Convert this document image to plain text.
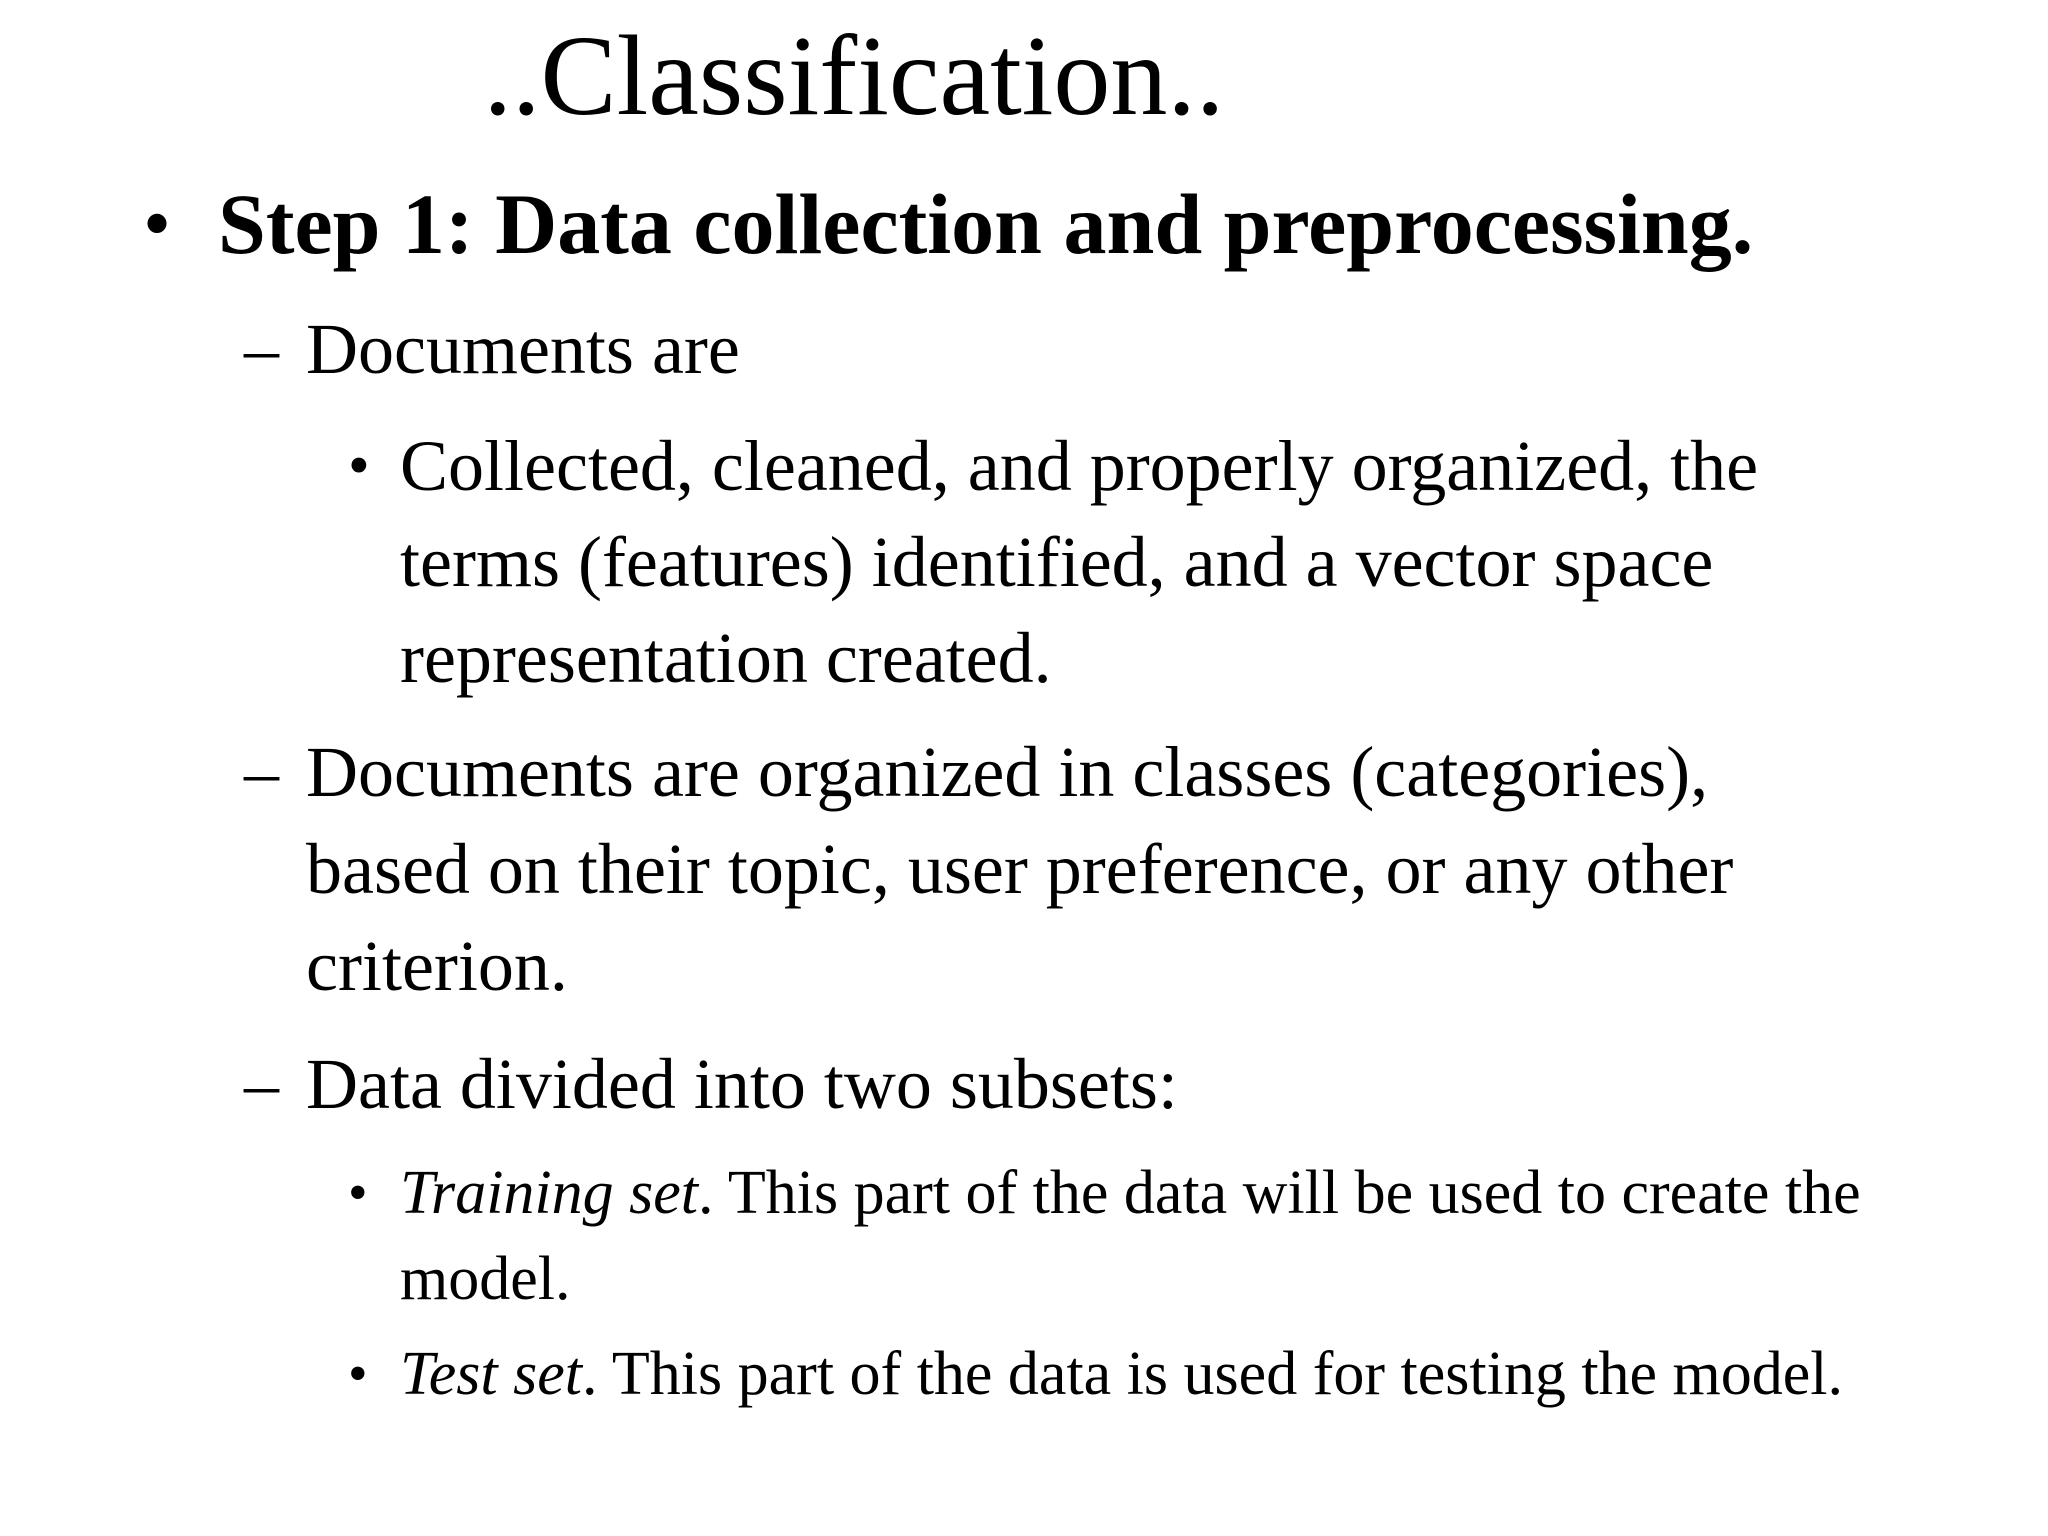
..Classification..
• Step 1: Data collection and preprocessing.
– Documents are
• Collected, cleaned, and properly organized, the
terms (features) identified, and a vector space
representation created.
– Documents are organized in classes (categories),
based on their topic, user preference, or any other
criterion.
– Data divided into two subsets:
• Training set. This part of the data will be used to create the
model.
• Test set. This part of the data is used for testing the model.
